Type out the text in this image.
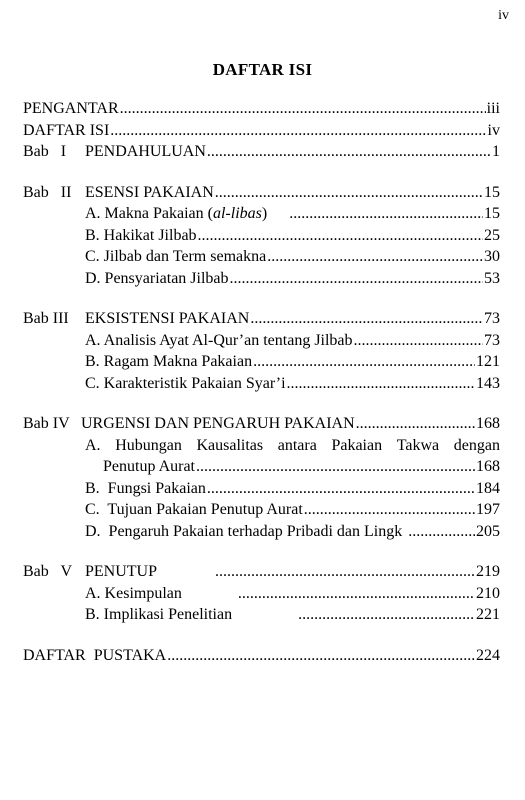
iv
DAFTAR ISI
PENGANTAR .....	iii
DAFTAR ISI .....	iv
Bab   I PENDAHULUAN .....	1
Bab   II ESENSI PAKAIAN .....	15
A. Makna Pakaian (al-libas) .....	15
B. Hakikat Jilbab .....	25
C. Jilbab dan Term semakna .....	30
D. Pensyariatan Jilbab .....	53
Bab III EKSISTENSI PAKAIAN .....	73
A. Analisis Ayat Al-Qur’an tentang Jilbab .....	73
B. Ragam Makna Pakaian .....	121
C. Karakteristik Pakaian Syar’i .....	143
Bab IV URGENSI DAN PENGARUH PAKAIAN .....	168
A. Hubungan Kausalitas antara Pakaian Takwa dengan
Penutup Aurat .....	168
B.  Fungsi Pakaian .....	184
C.  Tujuan Pakaian Penutup Aurat .....	197
D.  Pengaruh Pakaian terhadap Pribadi dan Lingk .....	205
Bab   V PENUTUP .....	219
A. Kesimpulan .....	210
B. Implikasi Penelitian .....	221
DAFTAR  PUSTAKA .....	224
